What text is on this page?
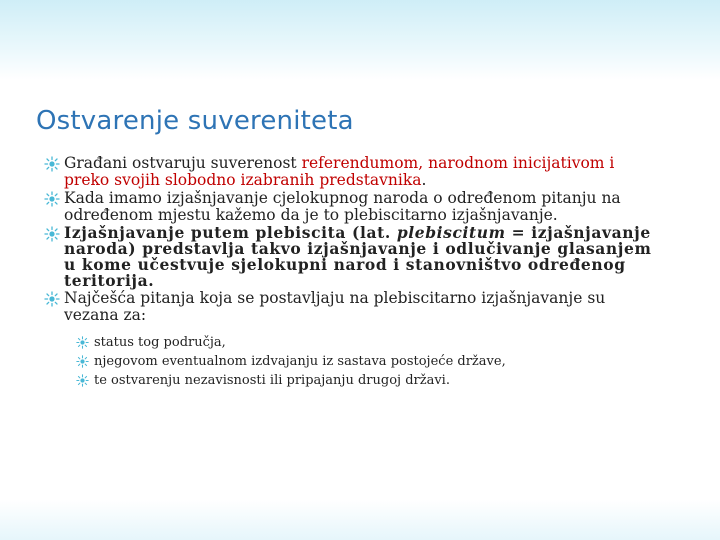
Ostvarenje suvereniteta
Građani ostvaruju suverenost referendumom, narodnom inicijativom i preko svojih slobodno izabranih predstavnika.
Kada imamo izjašnjavanje cjelokupnog naroda o određenom pitanju na određenom mjestu kažemo da je to plebiscitarno izjašnjavanje.
Izjašnjavanje putem plebiscita (lat. plebiscitum = izjašnjavanje naroda) predstavlja takvo izjašnjavanje i odlučivanje glasanjem u kome učestvuje sjelokupni narod i stanovništvo određenog teritorija.
Najčešća pitanja koja se postavljaju na plebiscitarno izjašnjavanje su vezana za:
status tog područja,
njegovom eventualnom izdvajanju iz sastava postojeće države,
te ostvarenju nezavisnosti ili pripajanju drugoj državi.
